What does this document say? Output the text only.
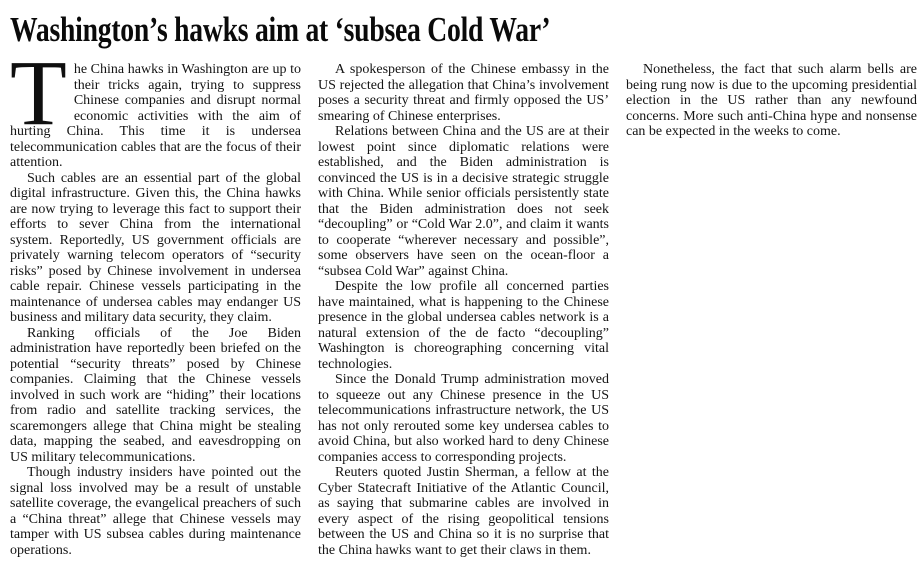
Washington’s hawks aim at ‘subsea Cold War’

The China hawks in Washington are up to their tricks again, trying to suppress Chinese companies and disrupt normal economic activities with the aim of hurting China. This time it is undersea telecommunication cables that are the focus of their attention.

Such cables are an essential part of the global digital infrastructure. Given this, the China hawks are now trying to leverage this fact to support their efforts to sever China from the international system. Reportedly, US government officials are privately warning telecom operators of “security risks” posed by Chinese involvement in undersea cable repair. Chinese vessels participating in the maintenance of undersea cables may endanger US business and military data security, they claim.

Ranking officials of the Joe Biden administration have reportedly been briefed on the potential “security threats” posed by Chinese companies. Claiming that the Chinese vessels involved in such work are “hiding” their locations from radio and satellite tracking services, the scaremongers allege that China might be stealing data, mapping the seabed, and eavesdropping on US military telecommunications.

Though industry insiders have pointed out the signal loss involved may be a result of unstable satellite coverage, the evangelical preachers of such a “China threat” allege that Chinese vessels may tamper with US subsea cables during maintenance operations.

A spokesperson of the Chinese embassy in the US rejected the allegation that China’s involvement poses a security threat and firmly opposed the US’ smearing of Chinese enterprises.

Relations between China and the US are at their lowest point since diplomatic relations were established, and the Biden administration is convinced the US is in a decisive strategic struggle with China. While senior officials persistently state that the Biden administration does not seek “decoupling” or “Cold War 2.0”, and claim it wants to cooperate “wherever necessary and possible”, some observers have seen on the ocean-floor a “subsea Cold War” against China.

Despite the low profile all concerned parties have maintained, what is happening to the Chinese presence in the global undersea cables network is a natural extension of the de facto “decoupling” Washington is choreographing concerning vital technologies.

Since the Donald Trump administration moved to squeeze out any Chinese presence in the US telecommunications infrastructure network, the US has not only rerouted some key undersea cables to avoid China, but also worked hard to deny Chinese companies access to corresponding projects.

Reuters quoted Justin Sherman, a fellow at the Cyber Statecraft Initiative of the Atlantic Council, as saying that submarine cables are involved in every aspect of the rising geopolitical tensions between the US and China so it is no surprise that the China hawks want to get their claws in them.

Nonetheless, the fact that such alarm bells are being rung now is due to the upcoming presidential election in the US rather than any newfound concerns. More such anti-China hype and nonsense can be expected in the weeks to come.
